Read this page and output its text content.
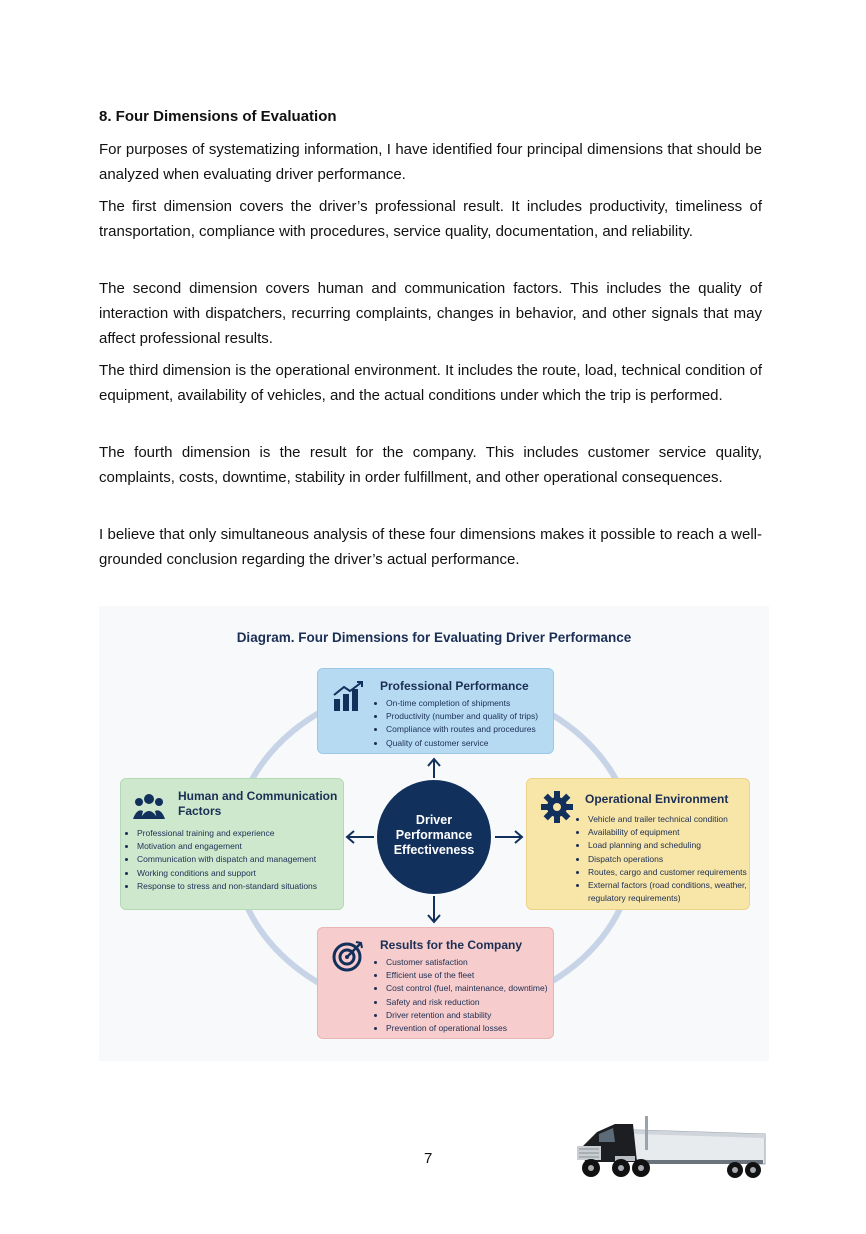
8. Four Dimensions of Evaluation

For purposes of systematizing information, I have identified four principal dimensions that should be analyzed when evaluating driver performance.

The first dimension covers the driver’s professional result. It includes productivity, timeliness of transportation, compliance with procedures, service quality, documentation, and reliability.

The second dimension covers human and communication factors. This includes the quality of interaction with dispatchers, recurring complaints, changes in behavior, and other signals that may affect professional results.

The third dimension is the operational environment. It includes the route, load, technical condition of equipment, availability of vehicles, and the actual conditions under which the trip is performed.

The fourth dimension is the result for the company. This includes customer service quality, complaints, costs, downtime, stability in order fulfillment, and other operational consequences.

I believe that only simultaneous analysis of these four dimensions makes it possible to reach a well-grounded conclusion regarding the driver’s actual performance.

Diagram. Four Dimensions for Evaluating Driver Performance
Driver Performance Effectiveness
Professional Performance
• On-time completion of shipments
• Productivity (number and quality of trips)
• Compliance with routes and procedures
• Quality of customer service
Human and Communication Factors
• Professional training and experience
• Motivation and engagement
• Communication with dispatch and management
• Working conditions and support
• Response to stress and non-standard situations
Operational Environment
• Vehicle and trailer technical condition
• Availability of equipment
• Load planning and scheduling
• Dispatch operations
• Routes, cargo and customer requirements
• External factors (road conditions, weather, regulatory requirements)
Results for the Company
• Customer satisfaction
• Efficient use of the fleet
• Cost control (fuel, maintenance, downtime)
• Safety and risk reduction
• Driver retention and stability
• Prevention of operational losses
7
